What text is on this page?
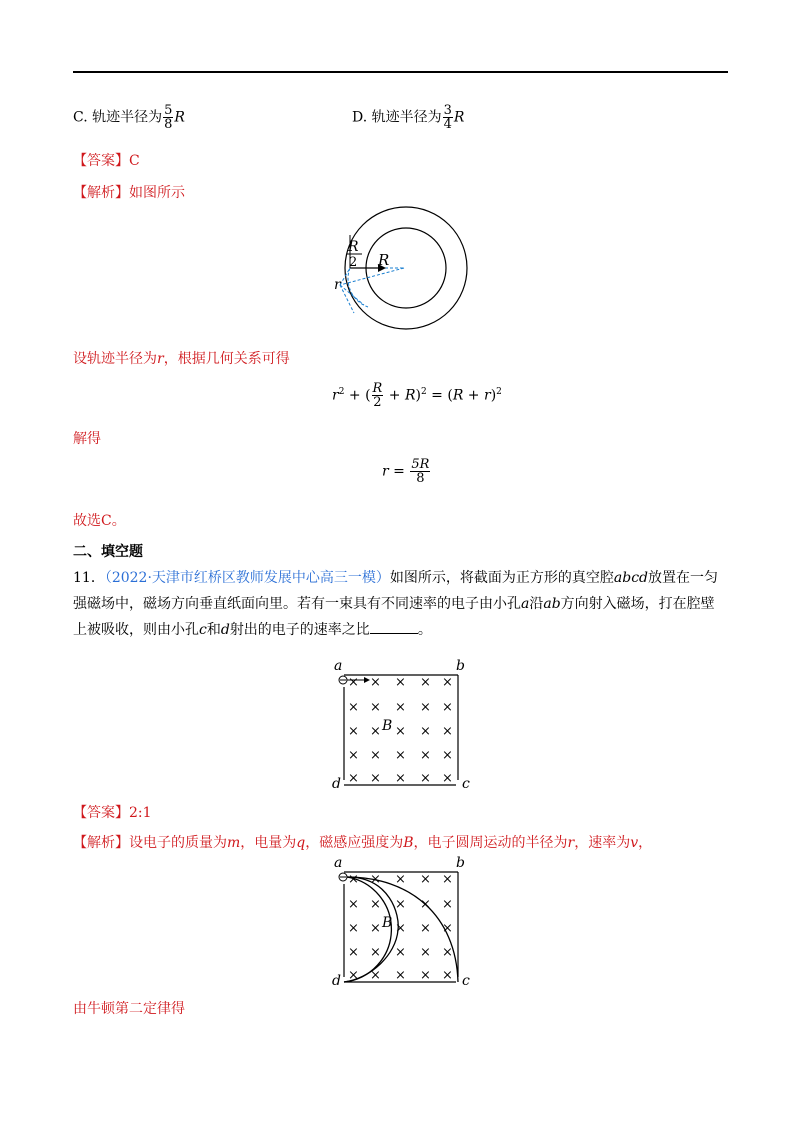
C. 轨迹半径为 $\frac{5}{8}$ R	D. 轨迹半径为 $\frac{3}{4}$ R
【答案】C
【解析】如图所示
R
2 R
r
设轨迹半径为r，根据几何关系可得
$r^2$ + ( $\frac{R}{2} + R)^2 = (R + r)^2$
解得
$r = \frac{5R}{8}$
故选C。
二、填空题
11．（2022·天津市红桥区教师发展中心高三一模）如图所示，将截面为正方形的真空腔abcd放置在一匀
强磁场中，磁场方向垂直纸面向里。若有一束具有不同速率的电子由小孔a沿ab方向射入磁场，打在腔壁
上被吸收，则由小孔c和d射出的电子的速率之比	。
a	b
d	c
× × × × ×
× × × × ×
× × × × ×
× × × × ×
× × × × ×
B
【答案】2:1
【解析】设电子的质量为m，电量为q，磁感应强度为B，电子圆周运动的半径为r，速率为v，
a	b
d	c
× × × × ×
× × × × ×
× × × × ×
× × × × ×
× × × × ×
B
由牛顿第二定律得
